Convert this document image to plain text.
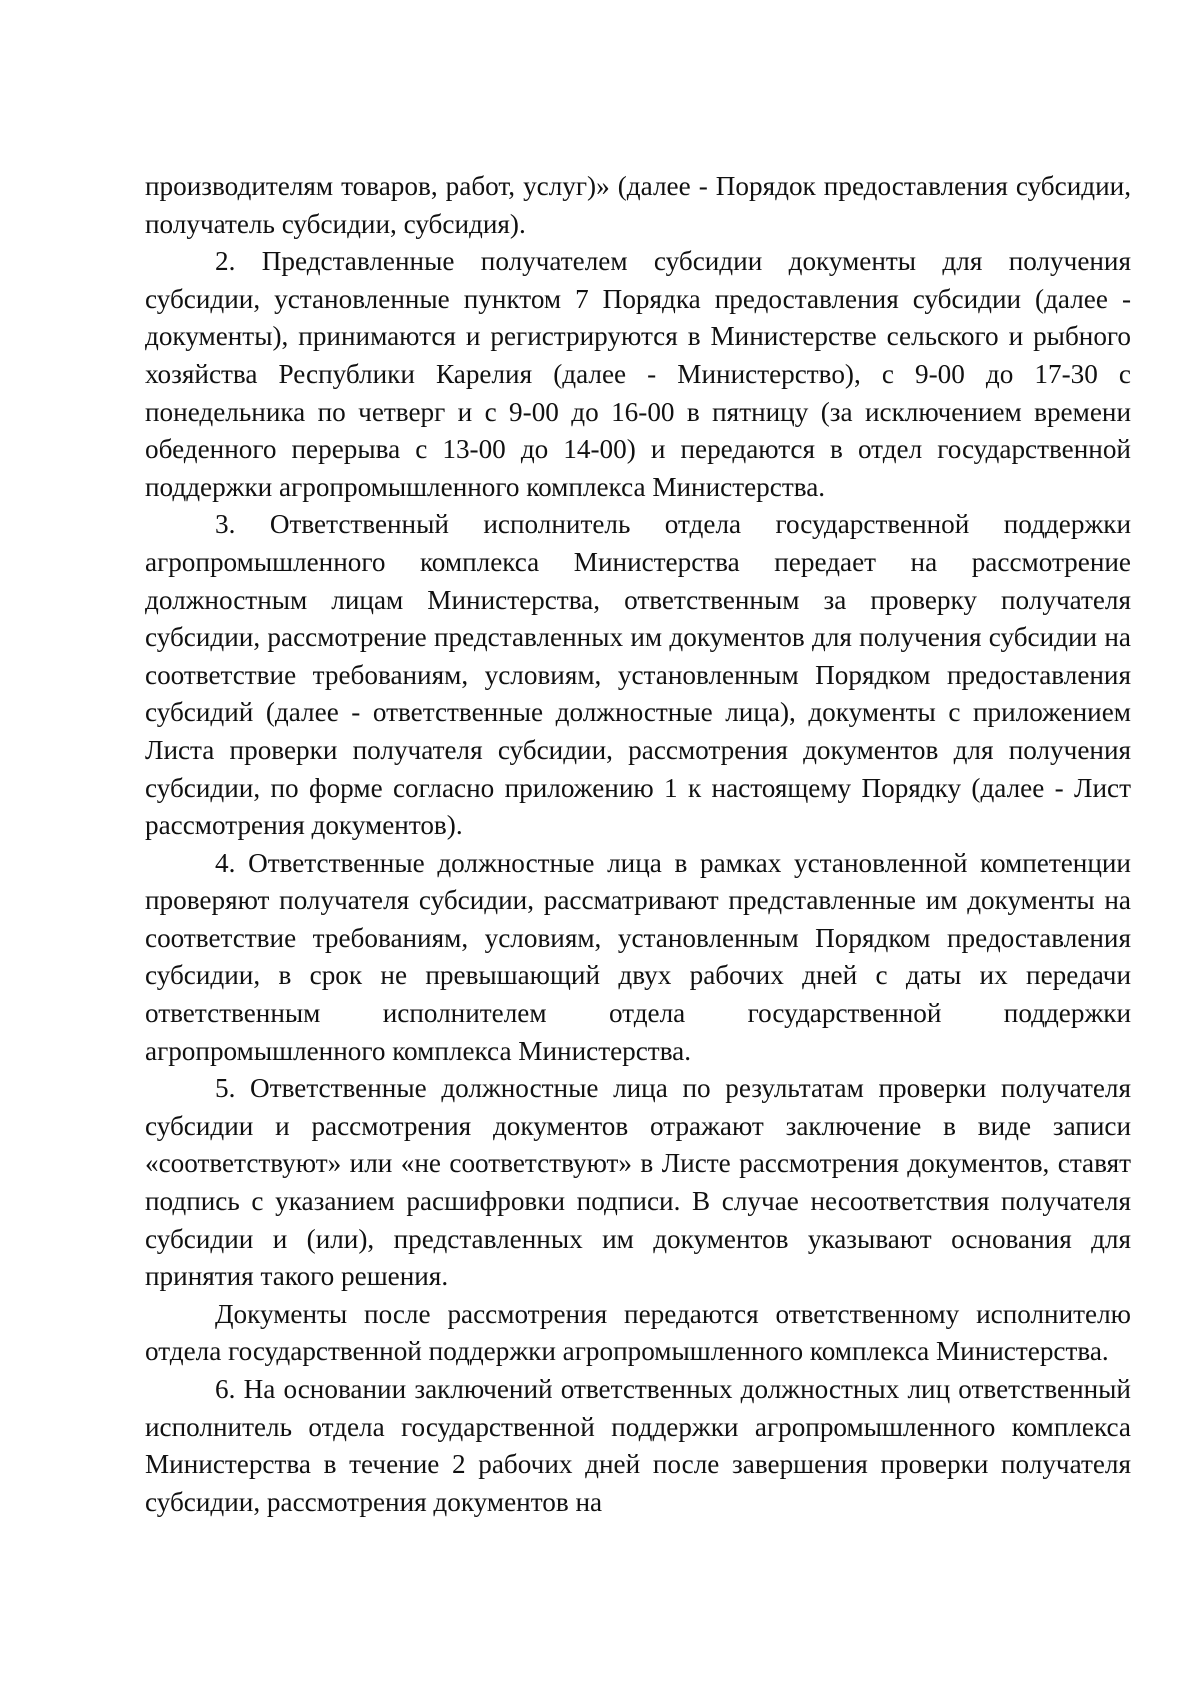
производителям товаров, работ, услуг)» (далее - Порядок предоставления субсидии, получатель субсидии, субсидия).

2. Представленные получателем субсидии документы для получения субсидии, установленные пунктом 7 Порядка предоставления субсидии (далее - документы), принимаются и регистрируются в Министерстве сельского и рыбного хозяйства Республики Карелия (далее - Министерство), с 9-00 до 17-30 с понедельника по четверг и с 9-00 до 16-00 в пятницу (за исключением времени обеденного перерыва с 13-00 до 14-00) и передаются в отдел государственной поддержки агропромышленного комплекса Министерства.

3. Ответственный исполнитель отдела государственной поддержки агропромышленного комплекса Министерства передает на рассмотрение должностным лицам Министерства, ответственным за проверку получателя субсидии, рассмотрение представленных им документов для получения субсидии на соответствие требованиям, условиям, установленным Порядком предоставления субсидий (далее - ответственные должностные лица), документы с приложением Листа проверки получателя субсидии, рассмотрения документов для получения субсидии, по форме согласно приложению 1 к настоящему Порядку (далее - Лист рассмотрения документов).

4. Ответственные должностные лица в рамках установленной компетенции проверяют получателя субсидии, рассматривают представленные им документы на соответствие требованиям, условиям, установленным Порядком предоставления субсидии, в срок не превышающий двух рабочих дней с даты их передачи ответственным исполнителем отдела государственной поддержки агропромышленного комплекса Министерства.

5. Ответственные должностные лица по результатам проверки получателя субсидии и рассмотрения документов отражают заключение в виде записи «соответствуют» или «не соответствуют» в Листе рассмотрения документов, ставят подпись с указанием расшифровки подписи. В случае несоответствия получателя субсидии и (или), представленных им документов указывают основания для принятия такого решения.

Документы после рассмотрения передаются ответственному исполнителю отдела государственной поддержки агропромышленного комплекса Министерства.

6. На основании заключений ответственных должностных лиц ответственный исполнитель отдела государственной поддержки агропромышленного комплекса Министерства в течение 2 рабочих дней после завершения проверки получателя субсидии, рассмотрения документов на
